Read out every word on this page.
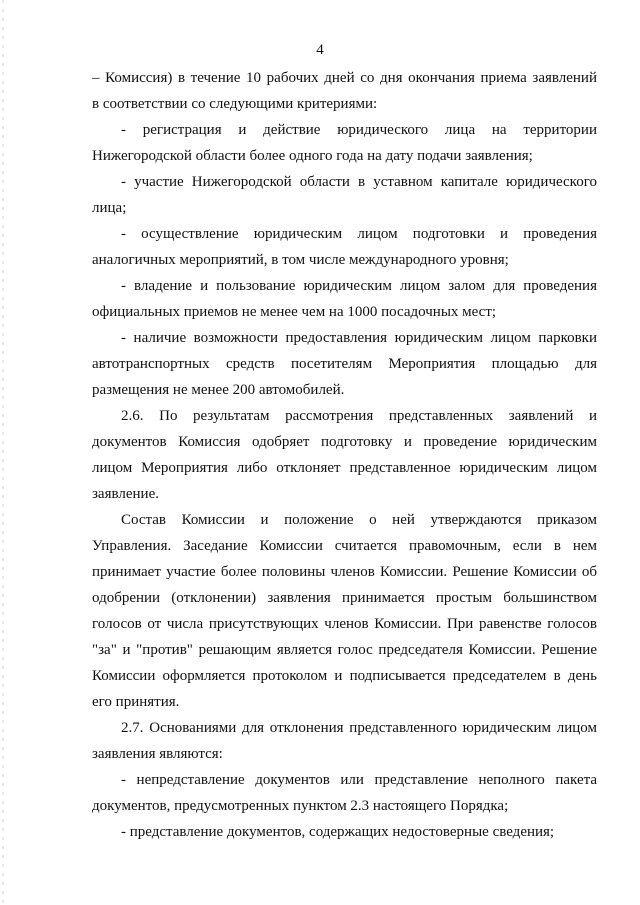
4
– Комиссия) в течение 10 рабочих дней со дня окончания приема заявлений
в соответствии со следующими критериями:
- регистрация и действие юридического лица на территории
Нижегородской области более одного года на дату подачи заявления;
- участие Нижегородской области в уставном капитале юридического
лица;
- осуществление юридическим лицом подготовки и проведения
аналогичных мероприятий, в том числе международного уровня;
- владение и пользование юридическим лицом залом для проведения
официальных приемов не менее чем на 1000 посадочных мест;
- наличие возможности предоставления юридическим лицом парковки
автотранспортных средств посетителям Мероприятия площадью для
размещения не менее 200 автомобилей.
2.6. По результатам рассмотрения представленных заявлений и
документов Комиссия одобряет подготовку и проведение юридическим
лицом Мероприятия либо отклоняет представленное юридическим лицом
заявление.
Состав Комиссии и положение о ней утверждаются приказом
Управления. Заседание Комиссии считается правомочным, если в нем
принимает участие более половины членов Комиссии. Решение Комиссии об
одобрении (отклонении) заявления принимается простым большинством
голосов от числа присутствующих членов Комиссии. При равенстве голосов
"за" и "против" решающим является голос председателя Комиссии. Решение
Комиссии оформляется протоколом и подписывается председателем в день
его принятия.
2.7. Основаниями для отклонения представленного юридическим лицом
заявления являются:
- непредставление документов или представление неполного пакета
документов, предусмотренных пунктом 2.3 настоящего Порядка;
- представление документов, содержащих недостоверные сведения;
